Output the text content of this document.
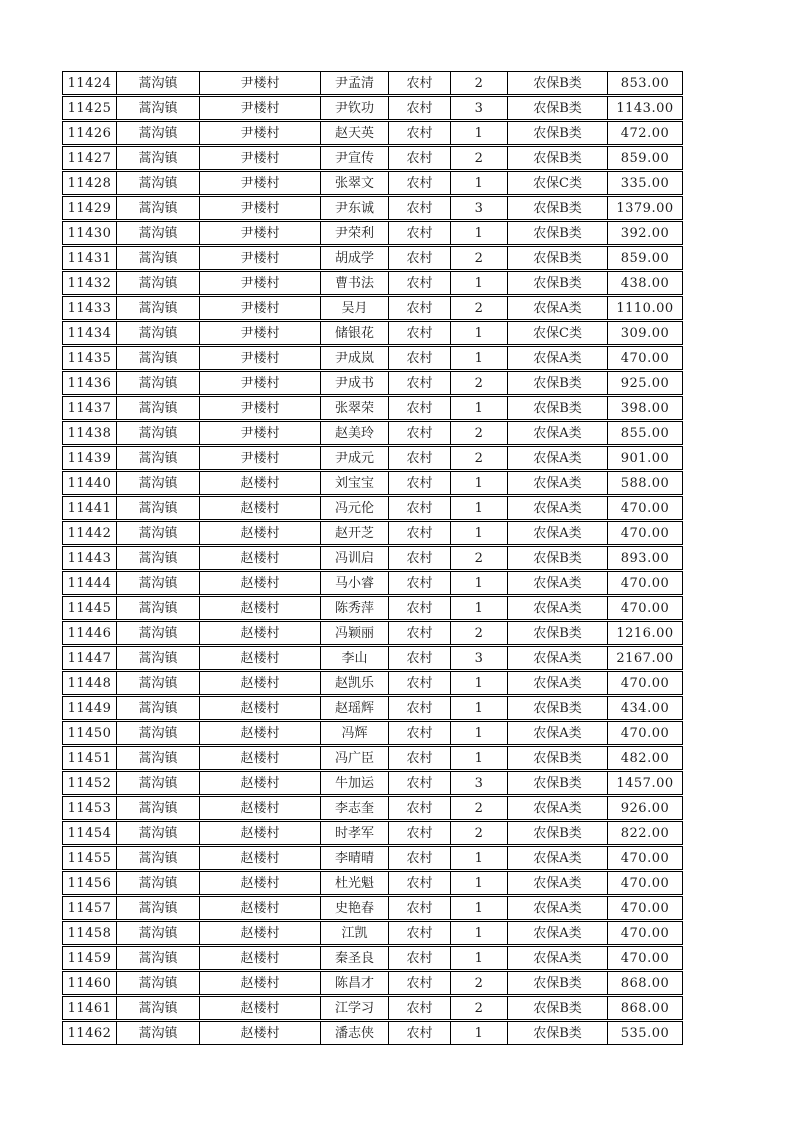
11424	蒿沟镇	尹楼村	尹孟清	农村	2	农保B类	853.00
11425	蒿沟镇	尹楼村	尹钦功	农村	3	农保B类	1143.00
11426	蒿沟镇	尹楼村	赵天英	农村	1	农保B类	472.00
11427	蒿沟镇	尹楼村	尹宣传	农村	2	农保B类	859.00
11428	蒿沟镇	尹楼村	张翠文	农村	1	农保C类	335.00
11429	蒿沟镇	尹楼村	尹东诚	农村	3	农保B类	1379.00
11430	蒿沟镇	尹楼村	尹荣利	农村	1	农保B类	392.00
11431	蒿沟镇	尹楼村	胡成学	农村	2	农保B类	859.00
11432	蒿沟镇	尹楼村	曹书法	农村	1	农保B类	438.00
11433	蒿沟镇	尹楼村	吴月	农村	2	农保A类	1110.00
11434	蒿沟镇	尹楼村	储银花	农村	1	农保C类	309.00
11435	蒿沟镇	尹楼村	尹成岚	农村	1	农保A类	470.00
11436	蒿沟镇	尹楼村	尹成书	农村	2	农保B类	925.00
11437	蒿沟镇	尹楼村	张翠荣	农村	1	农保B类	398.00
11438	蒿沟镇	尹楼村	赵美玲	农村	2	农保A类	855.00
11439	蒿沟镇	尹楼村	尹成元	农村	2	农保A类	901.00
11440	蒿沟镇	赵楼村	刘宝宝	农村	1	农保A类	588.00
11441	蒿沟镇	赵楼村	冯元伦	农村	1	农保A类	470.00
11442	蒿沟镇	赵楼村	赵开芝	农村	1	农保A类	470.00
11443	蒿沟镇	赵楼村	冯训启	农村	2	农保B类	893.00
11444	蒿沟镇	赵楼村	马小睿	农村	1	农保A类	470.00
11445	蒿沟镇	赵楼村	陈秀萍	农村	1	农保A类	470.00
11446	蒿沟镇	赵楼村	冯颖丽	农村	2	农保B类	1216.00
11447	蒿沟镇	赵楼村	李山	农村	3	农保A类	2167.00
11448	蒿沟镇	赵楼村	赵凯乐	农村	1	农保A类	470.00
11449	蒿沟镇	赵楼村	赵瑶辉	农村	1	农保B类	434.00
11450	蒿沟镇	赵楼村	冯辉	农村	1	农保A类	470.00
11451	蒿沟镇	赵楼村	冯广臣	农村	1	农保B类	482.00
11452	蒿沟镇	赵楼村	牛加运	农村	3	农保B类	1457.00
11453	蒿沟镇	赵楼村	李志奎	农村	2	农保A类	926.00
11454	蒿沟镇	赵楼村	时孝军	农村	2	农保B类	822.00
11455	蒿沟镇	赵楼村	李晴晴	农村	1	农保A类	470.00
11456	蒿沟镇	赵楼村	杜光魁	农村	1	农保A类	470.00
11457	蒿沟镇	赵楼村	史艳春	农村	1	农保A类	470.00
11458	蒿沟镇	赵楼村	江凯	农村	1	农保A类	470.00
11459	蒿沟镇	赵楼村	秦圣良	农村	1	农保A类	470.00
11460	蒿沟镇	赵楼村	陈昌才	农村	2	农保B类	868.00
11461	蒿沟镇	赵楼村	江学习	农村	2	农保B类	868.00
11462	蒿沟镇	赵楼村	潘志侠	农村	1	农保B类	535.00
